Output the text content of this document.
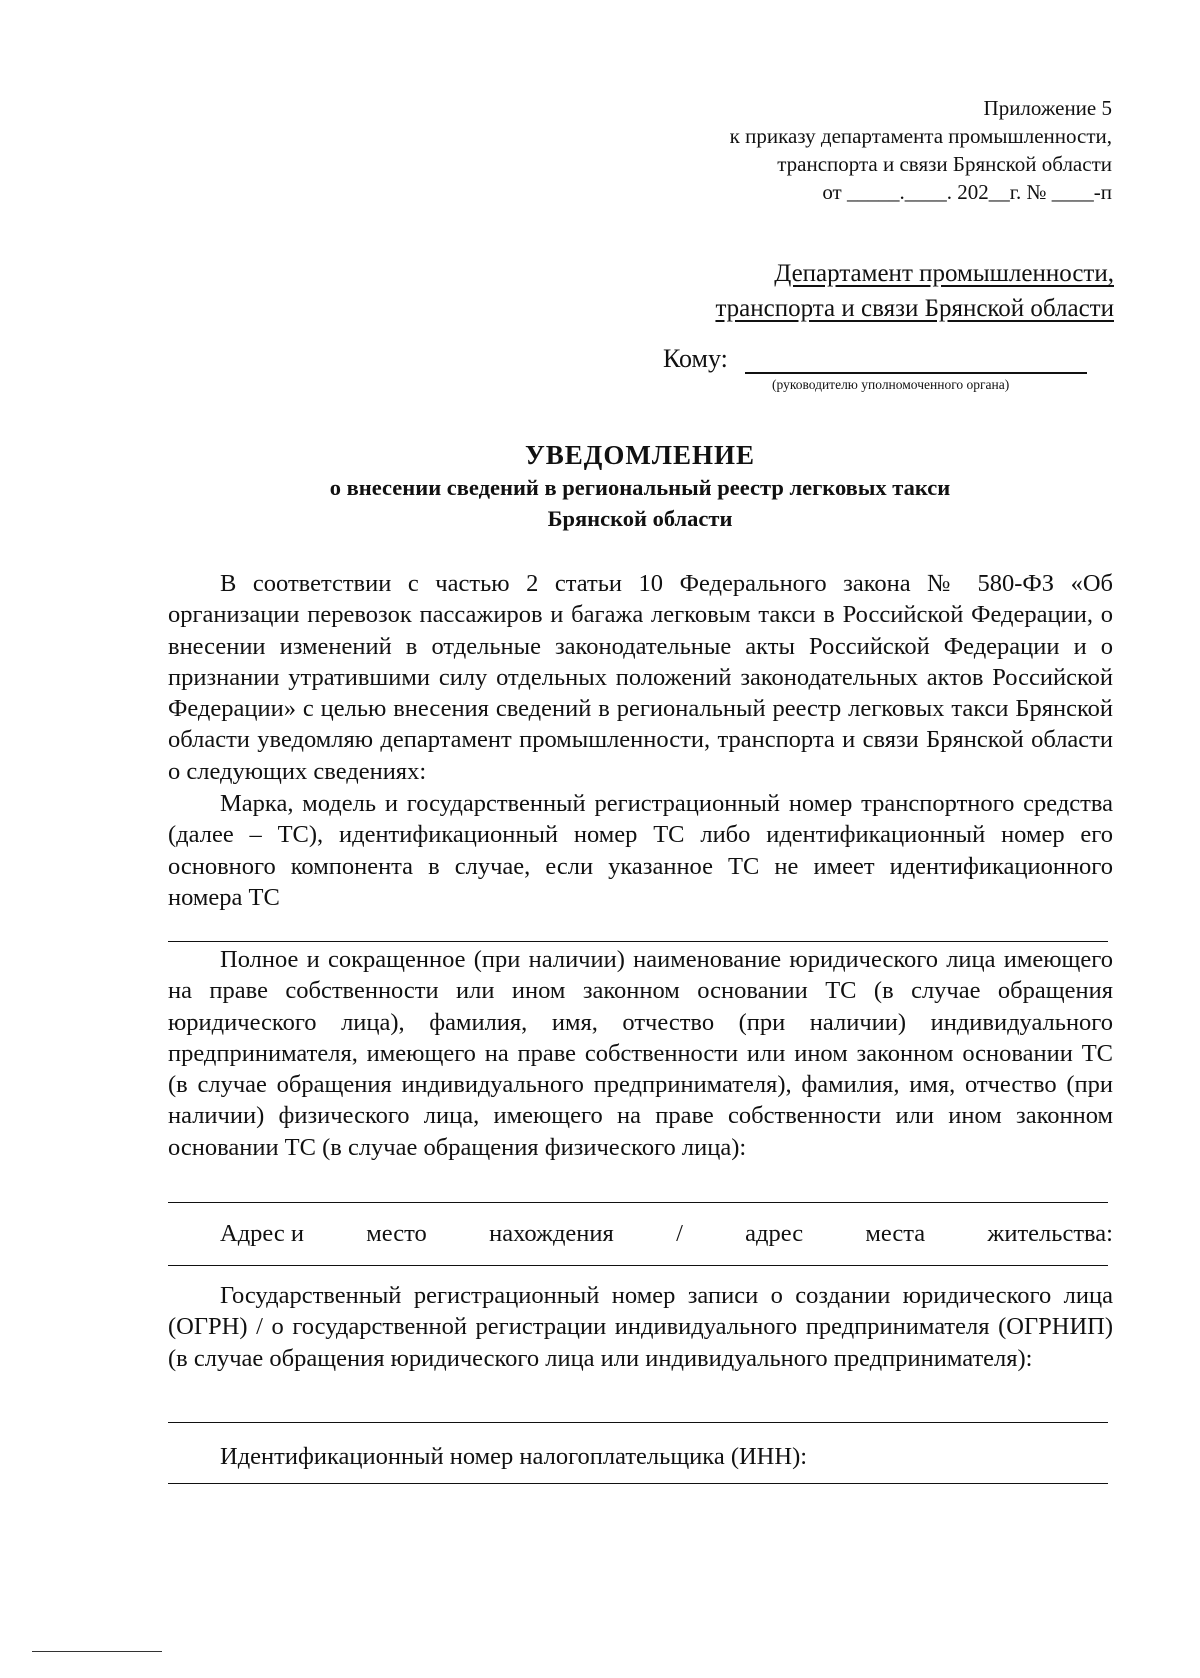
Приложение 5
к приказу департамента промышленности,
транспорта и связи Брянской области
от _____.____. 202__г. № ____-п
Департамент промышленности,
транспорта и связи Брянской области
Кому:
(руководителю уполномоченного органа)
УВЕДОМЛЕНИЕ
о внесении сведений в региональный реестр легковых такси
Брянской области
В соответствии с частью 2 статьи 10 Федерального закона № 580-ФЗ «Об организации перевозок пассажиров и багажа легковым такси в Российской Федерации, о внесении изменений в отдельные законодательные акты Российской Федерации и о признании утратившими силу отдельных положений законодательных актов Российской Федерации» с целью внесения сведений в региональный реестр легковых такси Брянской области уведомляю департамент промышленности, транспорта и связи Брянской области о следующих сведениях:
Марка, модель и государственный регистрационный номер транспортного средства (далее – ТС), идентификационный номер ТС либо идентификационный номер его основного компонента в случае, если указанное ТС не имеет идентификационного номера ТС
Полное и сокращенное (при наличии) наименование юридического лица имеющего на праве собственности или ином законном основании ТС (в случае обращения юридического лица), фамилия, имя, отчество (при наличии) индивидуального предпринимателя, имеющего на праве собственности или ином законном основании ТС (в случае обращения индивидуального предпринимателя), фамилия, имя, отчество (при наличии) физического лица, имеющего на праве собственности или ином законном основании ТС (в случае обращения физического лица):
Адрес и	место	нахождения	/	адрес	места	жительства:
Государственный регистрационный номер записи о создании юридического лица (ОГРН) / о государственной регистрации индивидуального предпринимателя (ОГРНИП) (в случае обращения юридического лица или индивидуального предпринимателя):
Идентификационный номер налогоплательщика (ИНН):
